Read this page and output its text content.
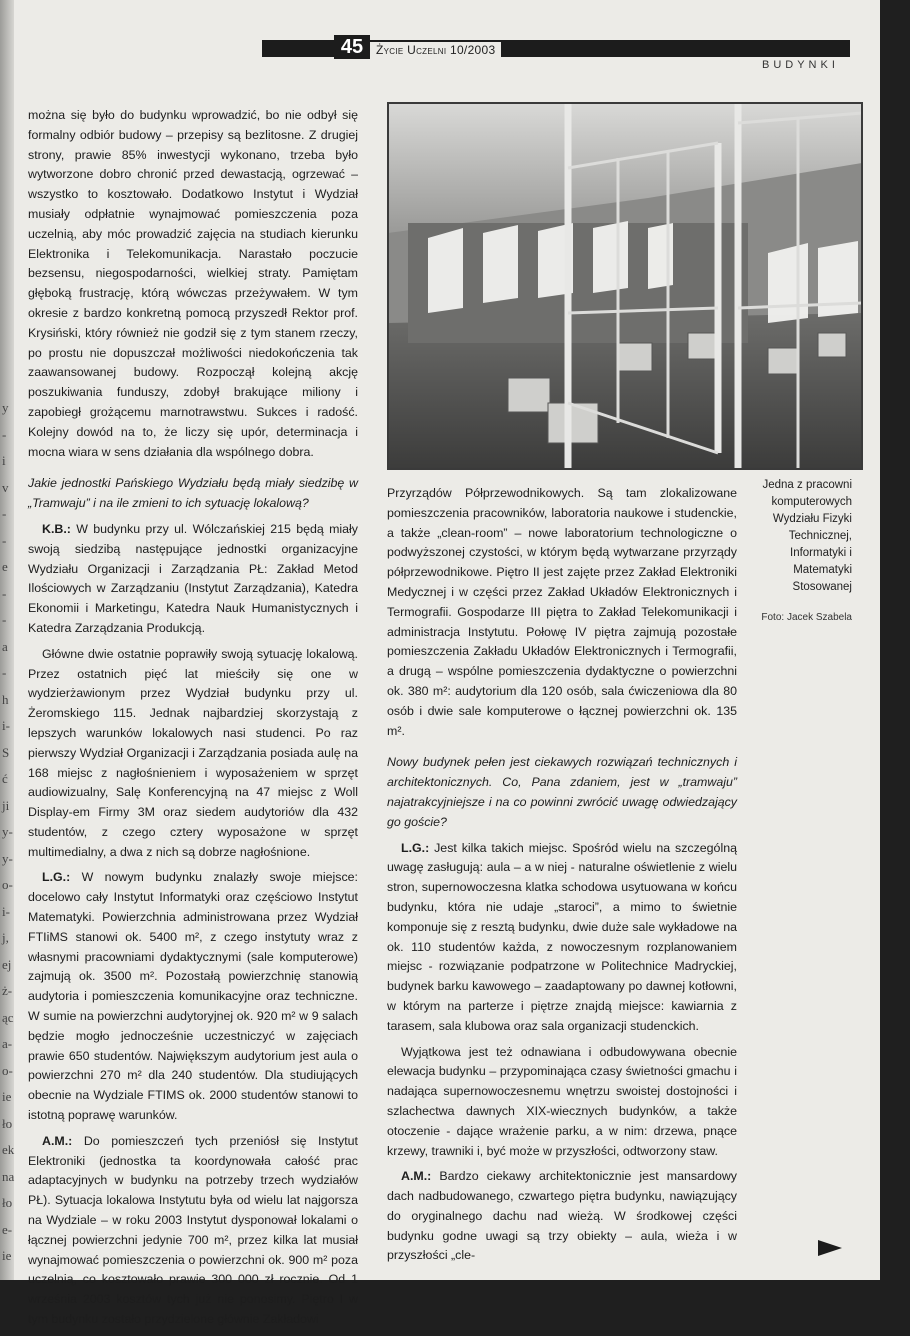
y
-
i
v
-
-
e
-
-
a
-
h
i-
S
ć
ji
y-
y-
o-
i-
j,
ej
ż-
ąc
a-
o-
ie
ło
ek
na
ło
e-
ie
45	Życie Uczelni 10/2003
BUDYNKI

można się było do budynku wprowadzić, bo nie odbył się formalny odbiór budowy – przepisy są bezlitosne. Z drugiej strony, prawie 85% inwestycji wykonano, trzeba było wytworzone dobro chronić przed dewastacją, ogrzewać – wszystko to kosztowało. Dodatkowo Instytut i Wydział musiały odpłatnie wynajmować pomieszczenia poza uczelnią, aby móc prowadzić zajęcia na studiach kierunku Elektronika i Telekomunikacja. Narastało poczucie bezsensu, niegospodarności, wielkiej straty. Pamiętam głęboką frustrację, którą wówczas przeżywałem. W tym okresie z bardzo konkretną pomocą przyszedł Rektor prof. Krysiński, który również nie godził się z tym stanem rzeczy, po prostu nie dopuszczał możliwości niedokończenia tak zaawansowanej budowy. Rozpoczął kolejną akcję poszukiwania funduszy, zdobył brakujące miliony i zapobiegł grożącemu marnotrawstwu. Sukces i radość. Kolejny dowód na to, że liczy się upór, determinacja i mocna wiara w sens działania dla wspólnego dobra.

Jakie jednostki Pańskiego Wydziału będą miały siedzibę w „Tramwaju” i na ile zmieni to ich sytuację lokalową?

K.B.: W budynku przy ul. Wólczańskiej 215 będą miały swoją siedzibą następujące jednostki organizacyjne Wydziału Organizacji i Zarządzania PŁ: Zakład Metod Ilościowych w Zarządzaniu (Instytut Zarządzania), Katedra Ekonomii i Marketingu, Katedra Nauk Humanistycznych i Katedra Zarządzania Produkcją.

Główne dwie ostatnie poprawiły swoją sytuację lokalową. Przez ostatnich pięć lat mieściły się one w wydzierżawionym przez Wydział budynku przy ul. Żeromskiego 115. Jednak najbardziej skorzystają z lepszych warunków lokalowych nasi studenci. Po raz pierwszy Wydział Organizacji i Zarządzania posiada aulę na 168 miejsc z nagłośnieniem i wyposażeniem w sprzęt audiowizualny, Salę Konferencyjną na 47 miejsc z Woll Display-em Firmy 3M oraz siedem audytoriów dla 432 studentów, z czego cztery wyposażone w sprzęt multimedialny, a dwa z nich są dobrze nagłośnione.

L.G.: W nowym budynku znalazły swoje miejsce: docelowo cały Instytut Informatyki oraz częściowo Instytut Matematyki. Powierzchnia administrowana przez Wydział FTIiMS stanowi ok. 5400 m², z czego instytuty wraz z własnymi pracowniami dydaktycznymi (sale komputerowe) zajmują ok. 3500 m². Pozostałą powierzchnię stanowią audytoria i pomieszczenia komunikacyjne oraz techniczne. W sumie na powierzchni audytoryjnej ok. 920 m² w 9 salach będzie mogło jednocześnie uczestniczyć w zajęciach prawie 650 studentów. Największym audytorium jest aula o powierzchni 270 m² dla 240 studentów. Dla studiujących obecnie na Wydziale FTIMS ok. 2000 studentów stanowi to istotną poprawę warunków.

A.M.: Do pomieszczeń tych przeniósł się Instytut Elektroniki (jednostka ta koordynowała całość prac adaptacyjnych w budynku na potrzeby trzech wydziałów PŁ). Sytuacja lokalowa Instytutu była od wielu lat najgorsza na Wydziale – w roku 2003 Instytut dysponował lokalami o łącznej powierzchni jedynie 700 m², przez kilka lat musiał wynajmować pomieszczenia o powierzchni ok. 900 m² poza uczelnią, co kosztowało prawie 300 000 zł rocznie. Od 1 września 2003 kosztów tych już nie ponosimy. Piętro I w tym budynku zostało przydzielone głównie Zakładowi

Jedna z pracowni komputerowych Wydziału Fizyki Technicznej, Informatyki i Matematyki Stosowanej
Foto: Jacek Szabela

Przyrządów Półprzewodnikowych. Są tam zlokalizowane pomieszczenia pracowników, laboratoria naukowe i studenckie, a także „clean-room” – nowe laboratorium technologiczne o podwyższonej czystości, w którym będą wytwarzane przyrządy półprzewodnikowe. Piętro II jest zajęte przez Zakład Elektroniki Medycznej i w części przez Zakład Układów Elektronicznych i Termografii. Gospodarze III piętra to Zakład Telekomunikacji i administracja Instytutu. Połowę IV piętra zajmują pozostałe pomieszczenia Zakładu Układów Elektronicznych i Termografii, a drugą – wspólne pomieszczenia dydaktyczne o powierzchni ok. 380 m²: audytorium dla 120 osób, sala ćwiczeniowa dla 80 osób i dwie sale komputerowe o łącznej powierzchni ok. 135 m².

Nowy budynek pełen jest ciekawych rozwiązań technicznych i architektonicznych. Co, Pana zdaniem, jest w „tramwaju” najatrakcyjniejsze i na co powinni zwrócić uwagę odwiedzający go goście?

L.G.: Jest kilka takich miejsc. Spośród wielu na szczególną uwagę zasługują: aula – a w niej - naturalne oświetlenie z wielu stron, supernowoczesna klatka schodowa usytuowana w końcu budynku, która nie udaje „staroci”, a mimo to świetnie komponuje się z resztą budynku, dwie duże sale wykładowe na ok. 110 studentów każda, z nowoczesnym rozplanowaniem miejsc - rozwiązanie podpatrzone w Politechnice Madryckiej, budynek barku kawowego – zaadaptowany po dawnej kotłowni, w którym na parterze i piętrze znajdą miejsce: kawiarnia z tarasem, sala klubowa oraz sala organizacji studenckich.

Wyjątkowa jest też odnawiana i odbudowywana obecnie elewacja budynku – przypominająca czasy świetności gmachu i nadająca supernowoczesnemu wnętrzu swoistej dostojności i szlachectwa dawnych XIX-wiecznych budynków, a także otoczenie - dające wrażenie parku, a w nim: drzewa, pnące krzewy, trawniki i, być może w przyszłości, odtworzony staw.

A.M.: Bardzo ciekawy architektonicznie jest mansardowy dach nadbudowanego, czwartego piętra budynku, nawiązujący do oryginalnego dachu nad wieżą. W środkowej części budynku godne uwagi są trzy obiekty – aula, wieża i w przyszłości „cle-
